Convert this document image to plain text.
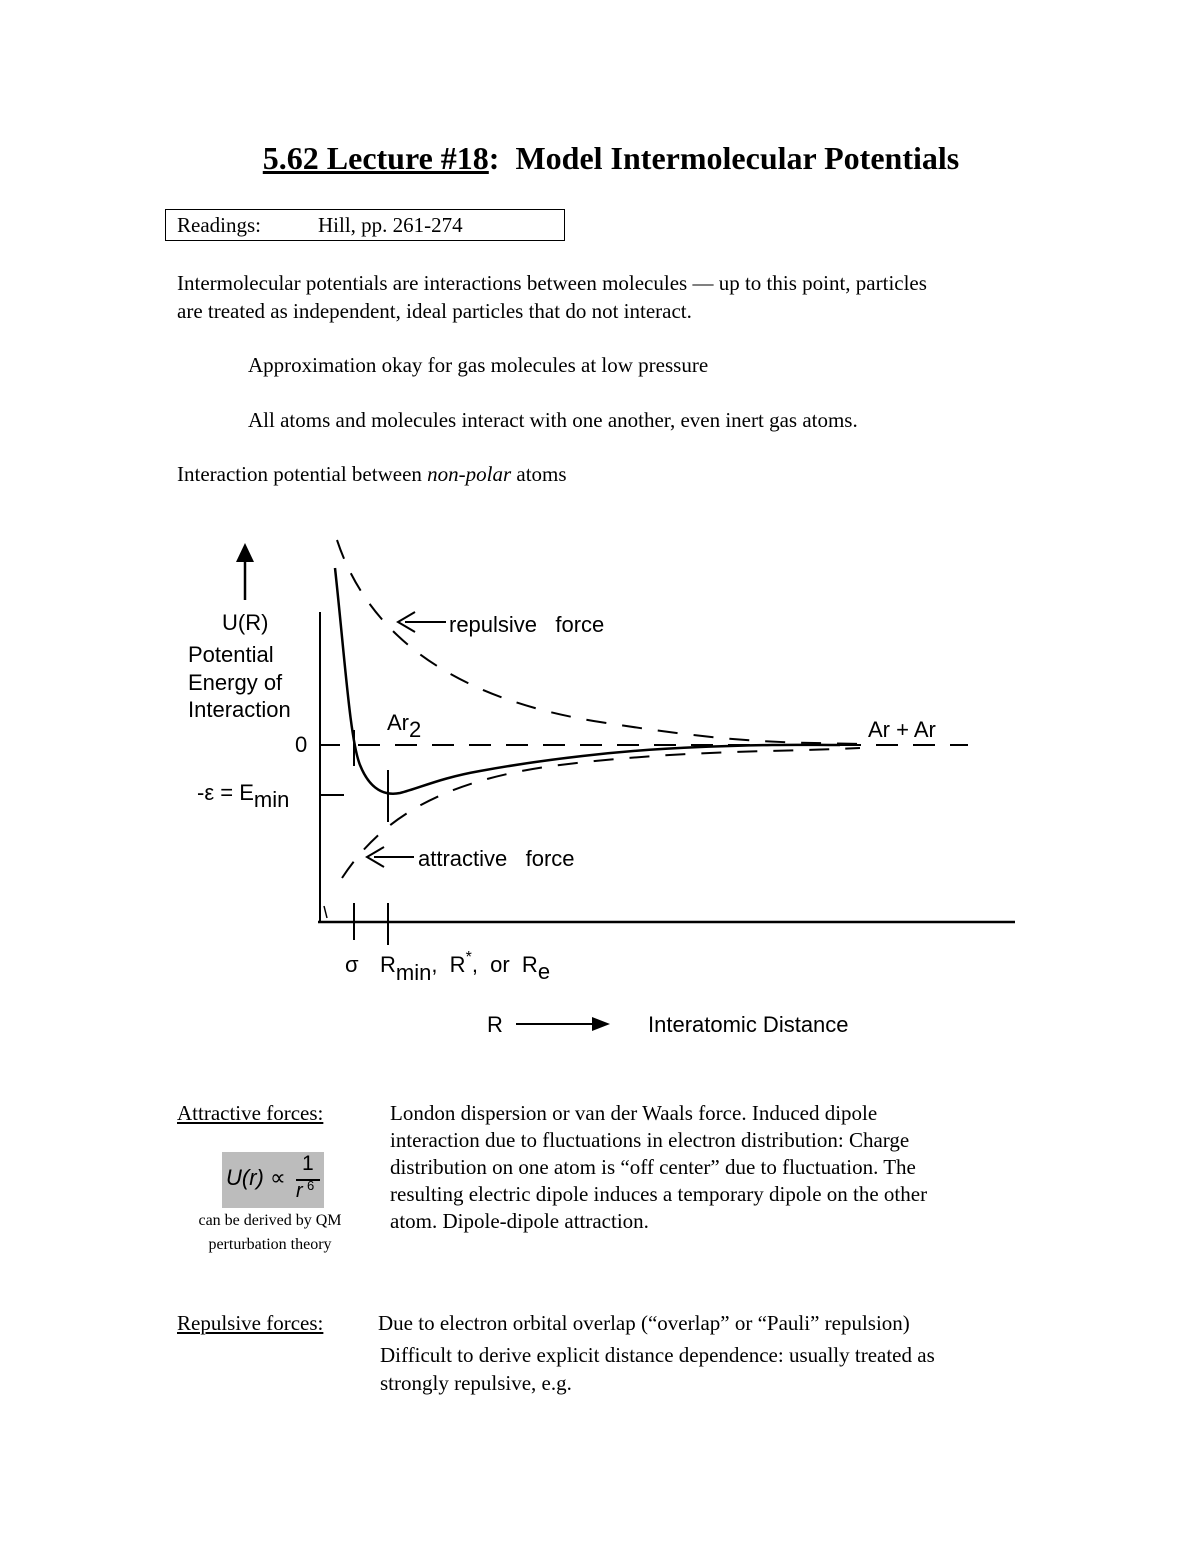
5.62 Lecture #18: Model Intermolecular Potentials
Readings:	Hill, pp. 261-274
Intermolecular potentials are interactions between molecules — up to this point, particles
are treated as independent, ideal particles that do not interact.
Approximation okay for gas molecules at low pressure
All atoms and molecules interact with one another, even inert gas atoms.
Interaction potential between non-polar atoms
U(R)
Potential
Energy of
Interaction
0
-ε = Emin
repulsive   force
attractive   force
Ar2	Ar + Ar
σ Rmin,  R*,  or  Re
R	Interatomic Distance
Attractive forces:	London dispersion or van der Waals force. Induced dipole
interaction due to fluctuations in electron distribution: Charge
distribution on one atom is “off center” due to fluctuation. The
resulting electric dipole induces a temporary dipole on the other
atom. Dipole-dipole attraction.
U(r) ∝
1
r 6
can be derived by QM
perturbation theory
Repulsive forces:	Due to electron orbital overlap (“overlap” or “Pauli” repulsion)
Difficult to derive explicit distance dependence: usually treated as
strongly repulsive, e.g.
